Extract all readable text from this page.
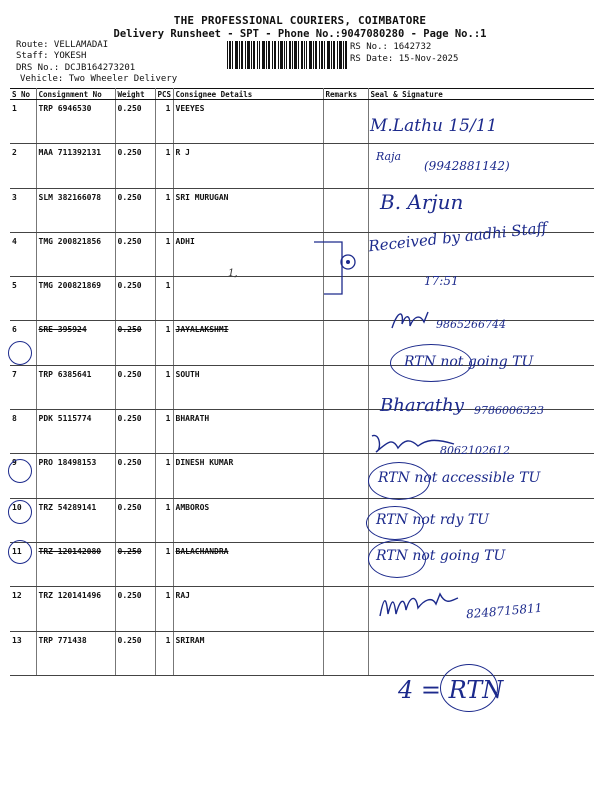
THE PROFESSIONAL COURIERS, COIMBATORE
Delivery Runsheet - SPT - Phone No.:9047080280 - Page No.:1
Route: VELLAMADAI
Staff: YOKESH
DRS No.: DCJB164273201
Vehicle: Two Wheeler Delivery
RS No.: 1642732
RS Date: 15-Nov-2025
S No	Consignment No	Weight	PCS	Consignee Details	Remarks	Seal & Signature
1	TRP 6946530	0.250	1	VEEYES		
2	MAA 711392131	0.250	1	R J		
3	SLM 382166078	0.250	1	SRI MURUGAN		
4	TMG 200821856	0.250	1	ADHI		
5	TMG 200821869	0.250	1			
6	SRE 395924	0.250	1	JAYALAKSHMI		
7	TRP 6385641	0.250	1	SOUTH		
8	PDK 5115774	0.250	1	BHARATH		
9	PRO 18498153	0.250	1	DINESH KUMAR		
10	TRZ 54289141	0.250	1	AMBOROS		
11	TRZ 120142080	0.250	1	BALACHANDRA		
12	TRZ 120141496	0.250	1	RAJ		
13	TRP 771438	0.250	1	SRIRAM		
M.Lathu 15/11
Raja
(9942881142)
B. Arjun
Received by aadhi Staff
1,
17:51
9865266744
RTN not going TU
Bharathy 9786006323
8062102612
RTN not accessible TU
RTN not rdy TU
RTN not going TU
8248715811
4 = RTN
